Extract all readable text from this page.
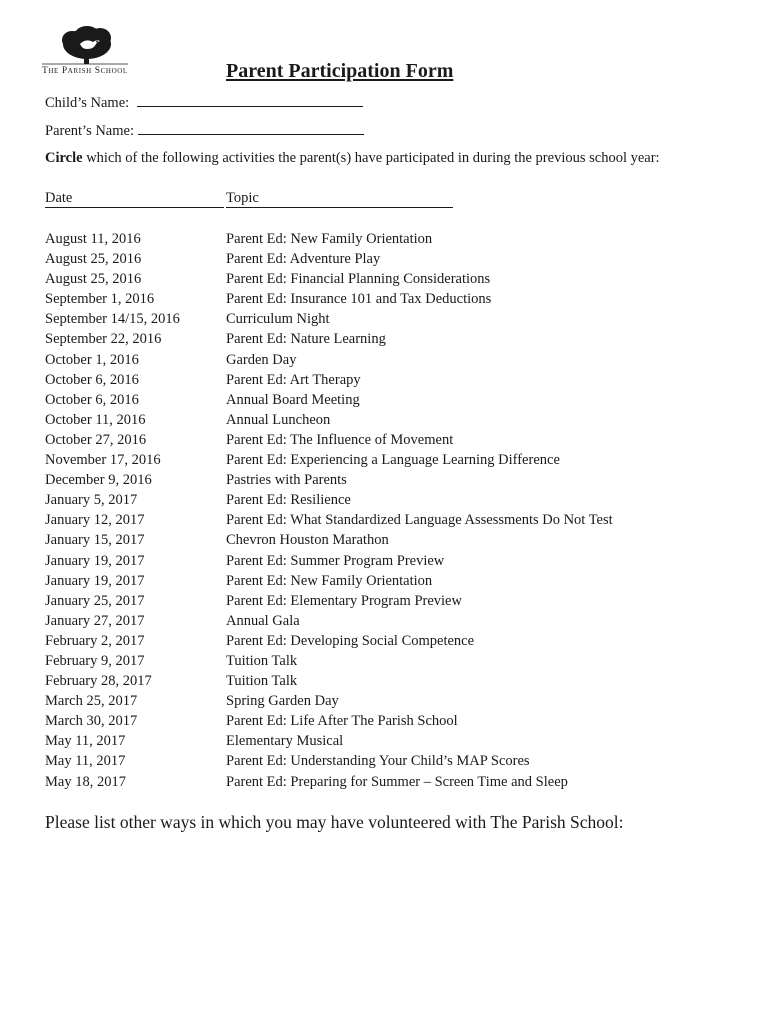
The Parish School	Parent Participation Form
Child’s Name:
Parent’s Name:
Circle which of the following activities the parent(s) have participated in during the previous school year:
Date	Topic
August 11, 2016	Parent Ed: New Family Orientation
August 25, 2016	Parent Ed: Adventure Play
August 25, 2016	Parent Ed: Financial Planning Considerations
September 1, 2016	Parent Ed: Insurance 101 and Tax Deductions
September 14/15, 2016	Curriculum Night
September 22, 2016	Parent Ed: Nature Learning
October 1, 2016	Garden Day
October 6, 2016	Parent Ed: Art Therapy
October 6, 2016	Annual Board Meeting
October 11, 2016	Annual Luncheon
October 27, 2016	Parent Ed: The Influence of Movement
November 17, 2016	Parent Ed: Experiencing a Language Learning Difference
December 9, 2016	Pastries with Parents
January 5, 2017	Parent Ed: Resilience
January 12, 2017	Parent Ed: What Standardized Language Assessments Do Not Test
January 15, 2017	Chevron Houston Marathon
January 19, 2017	Parent Ed: Summer Program Preview
January 19, 2017	Parent Ed: New Family Orientation
January 25, 2017	Parent Ed: Elementary Program Preview
January 27, 2017	Annual Gala
February 2, 2017	Parent Ed: Developing Social Competence
February 9, 2017	Tuition Talk
February 28, 2017	Tuition Talk
March 25, 2017	Spring Garden Day
March 30, 2017	Parent Ed: Life After The Parish School
May 11, 2017	Elementary Musical
May 11, 2017	Parent Ed: Understanding Your Child’s MAP Scores
May 18, 2017	Parent Ed: Preparing for Summer – Screen Time and Sleep
Please list other ways in which you may have volunteered with The Parish School:
